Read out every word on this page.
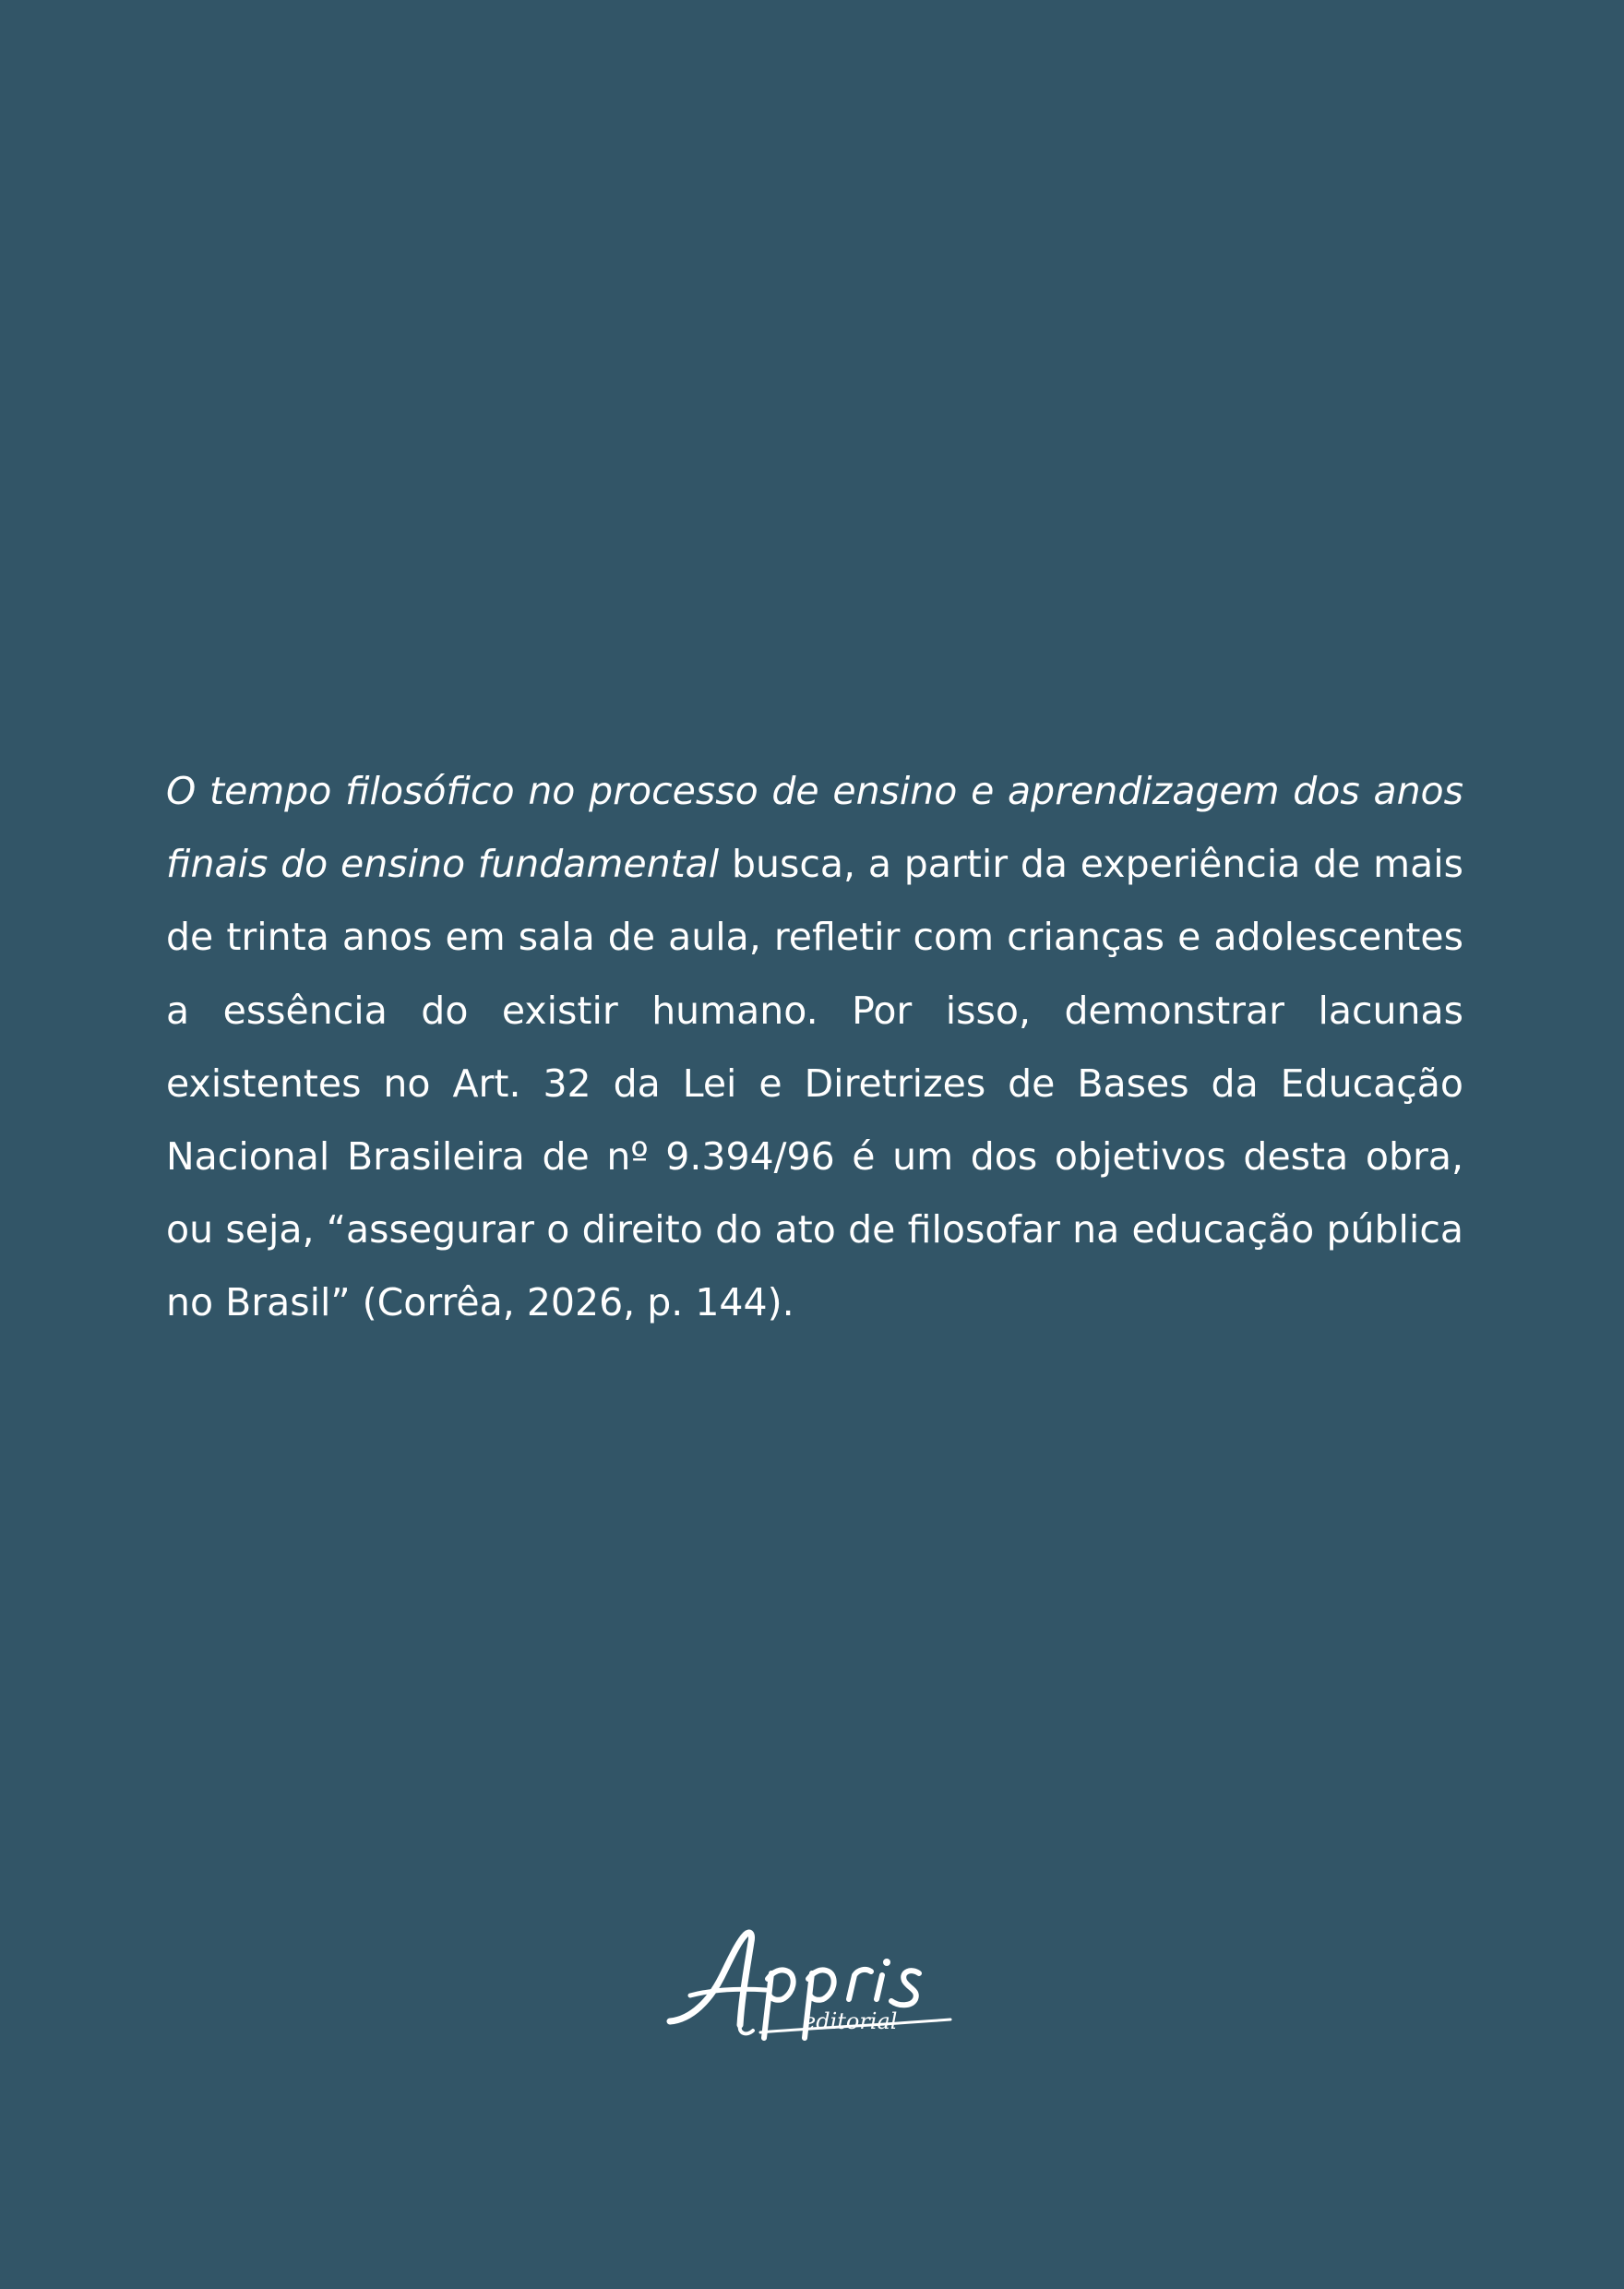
O tempo filosófico no processo de ensino e aprendizagem dos anos finais do ensino fundamental busca, a partir da experiência de mais de trinta anos em sala de aula, refletir com crianças e adolescentes a essência do existir humano. Por isso, demonstrar lacunas existentes no Art. 32 da Lei e Diretrizes de Bases da Educação Nacional Brasileira de nº 9.394/96 é um dos objetivos desta obra, ou seja, “assegurar o direito do ato de filosofar na educação pública no Brasil” (Corrêa, 2026, p. 144).

editorial
